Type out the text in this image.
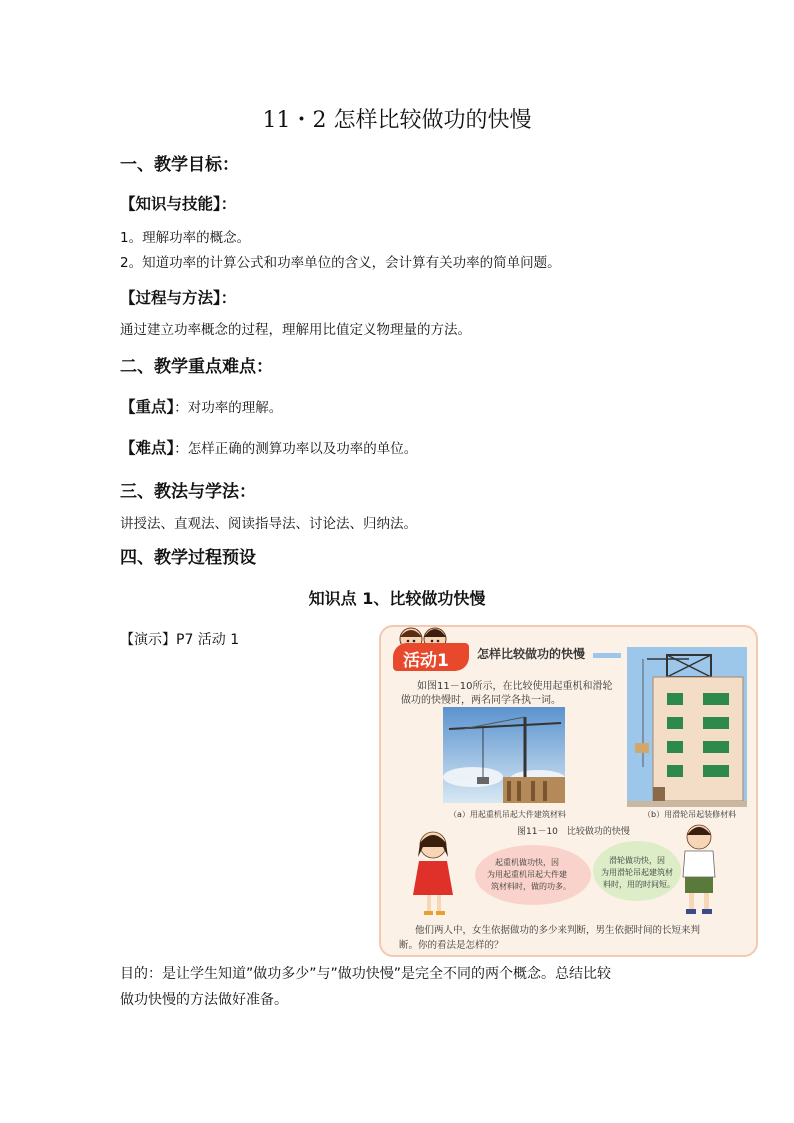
11・2 怎样比较做功的快慢
一、教学目标：
【知识与技能】：
1。理解功率的概念。
2。知道功率的计算公式和功率单位的含义，会计算有关功率的简单问题。
【过程与方法】：
通过建立功率概念的过程，理解用比值定义物理量的方法。
二、教学重点难点：
【重点】：对功率的理解。
【难点】：怎样正确的测算功率以及功率的单位。
三、教法与学法：
讲授法、直观法、阅读指导法、讨论法、归纳法。
四、教学过程预设
知识点 1、比较做功快慢
【演示】P7 活动 1
活动1 怎样比较做功的快慢
如图11－10所示，在比较使用起重机和滑轮
做功的快慢时，两名同学各执一词。
（a）用起重机吊起大件建筑材料	（b）用滑轮吊起装修材料
图11－10　比较做功的快慢
起重机做功快，因
为用起重机吊起大件建
筑材料时，做的功多。
滑轮做功快，因
为用滑轮吊起建筑材
料时，用的时间短。
他们两人中，女生依据做功的多少来判断，男生依据时间的长短来判
断。你的看法是怎样的？
目的：是让学生知道”做功多少”与”做功快慢”是完全不同的两个概念。总结比较
做功快慢的方法做好准备。
